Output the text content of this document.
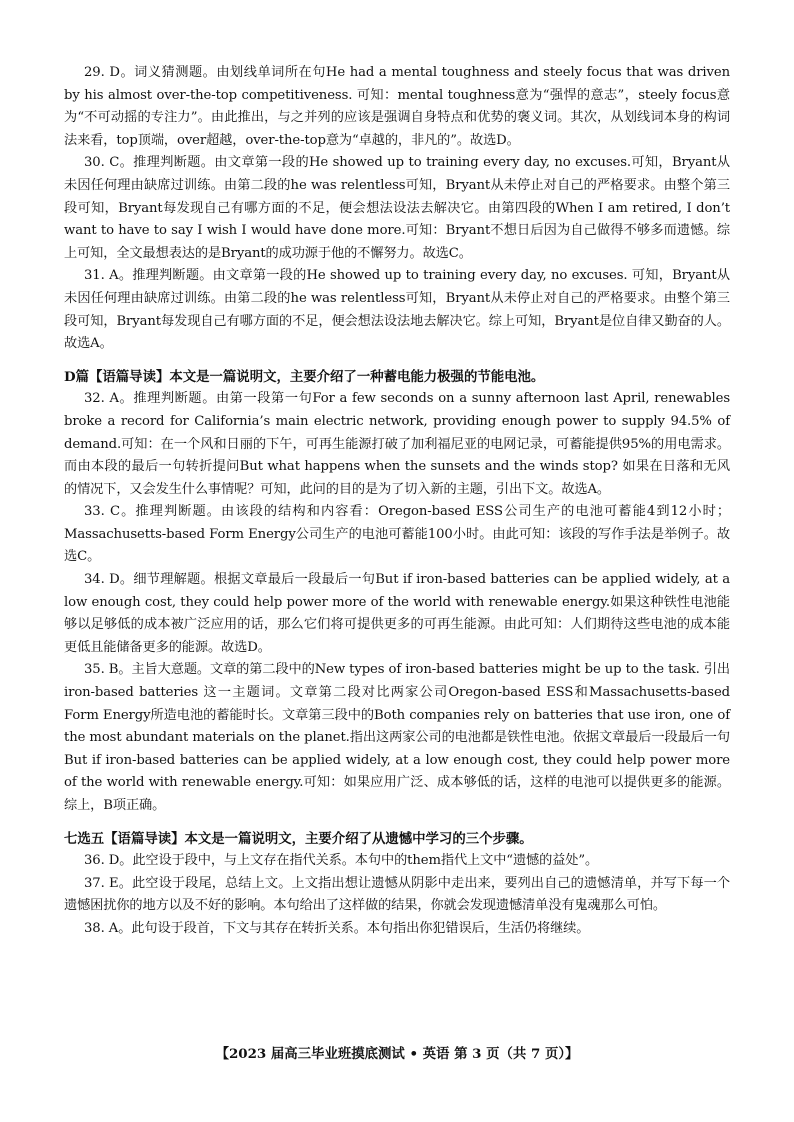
29. D。词义猜测题。由划线单词所在句He had a mental toughness and steely focus that was driven by his almost over-the-top competitiveness. 可知：mental toughness意为“强悍的意志”，steely focus意为“不可动摇的专注力”。由此推出，与之并列的应该是强调自身特点和优势的褒义词。其次，从划线词本身的构词法来看，top顶端，over超越，over-the-top意为“卓越的，非凡的”。故选D。

30. C。推理判断题。由文章第一段的He showed up to training every day, no excuses.可知，Bryant从未因任何理由缺席过训练。由第二段的he was relentless可知，Bryant从未停止对自己的严格要求。由整个第三段可知，Bryant每发现自己有哪方面的不足，便会想法设法去解决它。由第四段的When I am retired, I don’t want to have to say I wish I would have done more.可知：Bryant不想日后因为自己做得不够多而遗憾。综上可知，全文最想表达的是Bryant的成功源于他的不懈努力。故选C。

31. A。推理判断题。由文章第一段的He showed up to training every day, no excuses. 可知，Bryant从未因任何理由缺席过训练。由第二段的he was relentless可知，Bryant从未停止对自己的严格要求。由整个第三段可知，Bryant每发现自己有哪方面的不足，便会想法设法地去解决它。综上可知，Bryant是位自律又勤奋的人。故选A。

D篇【语篇导读】本文是一篇说明文，主要介绍了一种蓄电能力极强的节能电池。

32. A。推理判断题。由第一段第一句For a few seconds on a sunny afternoon last April, renewables broke a record for California’s main electric network, providing enough power to supply 94.5% of demand.可知：在一个风和日丽的下午，可再生能源打破了加利福尼亚的电网记录，可蓄能提供95%的用电需求。而由本段的最后一句转折提问But what happens when the sunsets and the winds stop? 如果在日落和无风的情况下，又会发生什么事情呢？可知，此问的目的是为了切入新的主题，引出下文。故选A。

33. C。推理判断题。由该段的结构和内容看：Oregon-based ESS公司生产的电池可蓄能4到12小时；Massachusetts-based Form Energy公司生产的电池可蓄能100小时。由此可知：该段的写作手法是举例子。故选C。

34. D。细节理解题。根据文章最后一段最后一句But if iron-based batteries can be applied widely, at a low enough cost, they could help power more of the world with renewable energy.如果这种铁性电池能够以足够低的成本被广泛应用的话，那么它们将可提供更多的可再生能源。由此可知：人们期待这些电池的成本能更低且能储备更多的能源。故选D。

35. B。主旨大意题。文章的第二段中的New types of iron-based batteries might be up to the task. 引出iron-based batteries 这一主题词。文章第二段对比两家公司Oregon-based ESS和Massachusetts-based Form Energy所造电池的蓄能时长。文章第三段中的Both companies rely on batteries that use iron, one of the most abundant materials on the planet.指出这两家公司的电池都是铁性电池。依据文章最后一段最后一句But if iron-based batteries can be applied widely, at a low enough cost, they could help power more of the world with renewable energy.可知：如果应用广泛、成本够低的话，这样的电池可以提供更多的能源。综上，B项正确。

七选五【语篇导读】本文是一篇说明文，主要介绍了从遗憾中学习的三个步骤。

36. D。此空设于段中，与上文存在指代关系。本句中的them指代上文中“遗憾的益处”。

37. E。此空设于段尾，总结上文。上文指出想让遗憾从阴影中走出来，要列出自己的遗憾清单，并写下每一个遗憾困扰你的地方以及不好的影响。本句给出了这样做的结果，你就会发现遗憾清单没有鬼魂那么可怕。

38. A。此句设于段首，下文与其存在转折关系。本句指出你犯错误后，生活仍将继续。

【2023 届高三毕业班摸底测试 • 英语 第 3 页（共 7 页）】
